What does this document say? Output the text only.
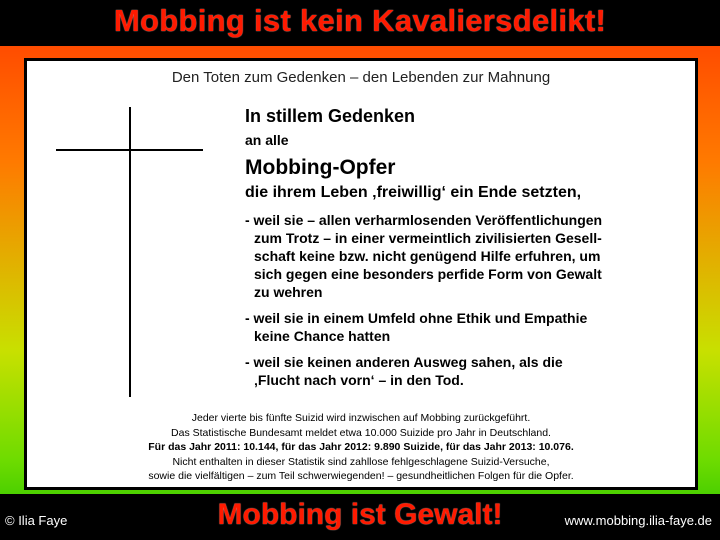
Mobbing ist kein Kavaliersdelikt!
Den Toten zum Gedenken – den Lebenden zur Mahnung
In stillem Gedenken
an alle
Mobbing-Opfer
die ihrem Leben ‚freiwillig‘ ein Ende setzten,
- weil sie – allen verharmlosenden Veröffentlichungen
zum Trotz – in einer vermeintlich zivilisierten Gesell-
schaft keine bzw. nicht genügend Hilfe erfuhren, um
sich gegen eine besonders perfide Form von Gewalt
zu wehren
- weil sie in einem Umfeld ohne Ethik und Empathie
keine Chance hatten
- weil sie keinen anderen Ausweg sahen, als die
‚Flucht nach vorn‘ – in den Tod.
Jeder vierte bis fünfte Suizid wird inzwischen auf Mobbing zurückgeführt.
Das Statistische Bundesamt meldet etwa 10.000 Suizide pro Jahr in Deutschland.
Für das Jahr 2011: 10.144, für das Jahr 2012: 9.890 Suizide, für das Jahr 2013: 10.076.
Nicht enthalten in dieser Statistik sind zahllose fehlgeschlagene Suizid-Versuche,
sowie die vielfältigen – zum Teil schwerwiegenden! – gesundheitlichen Folgen für die Opfer.
© Ilia Faye	Mobbing ist Gewalt!	www.mobbing.ilia-faye.de
